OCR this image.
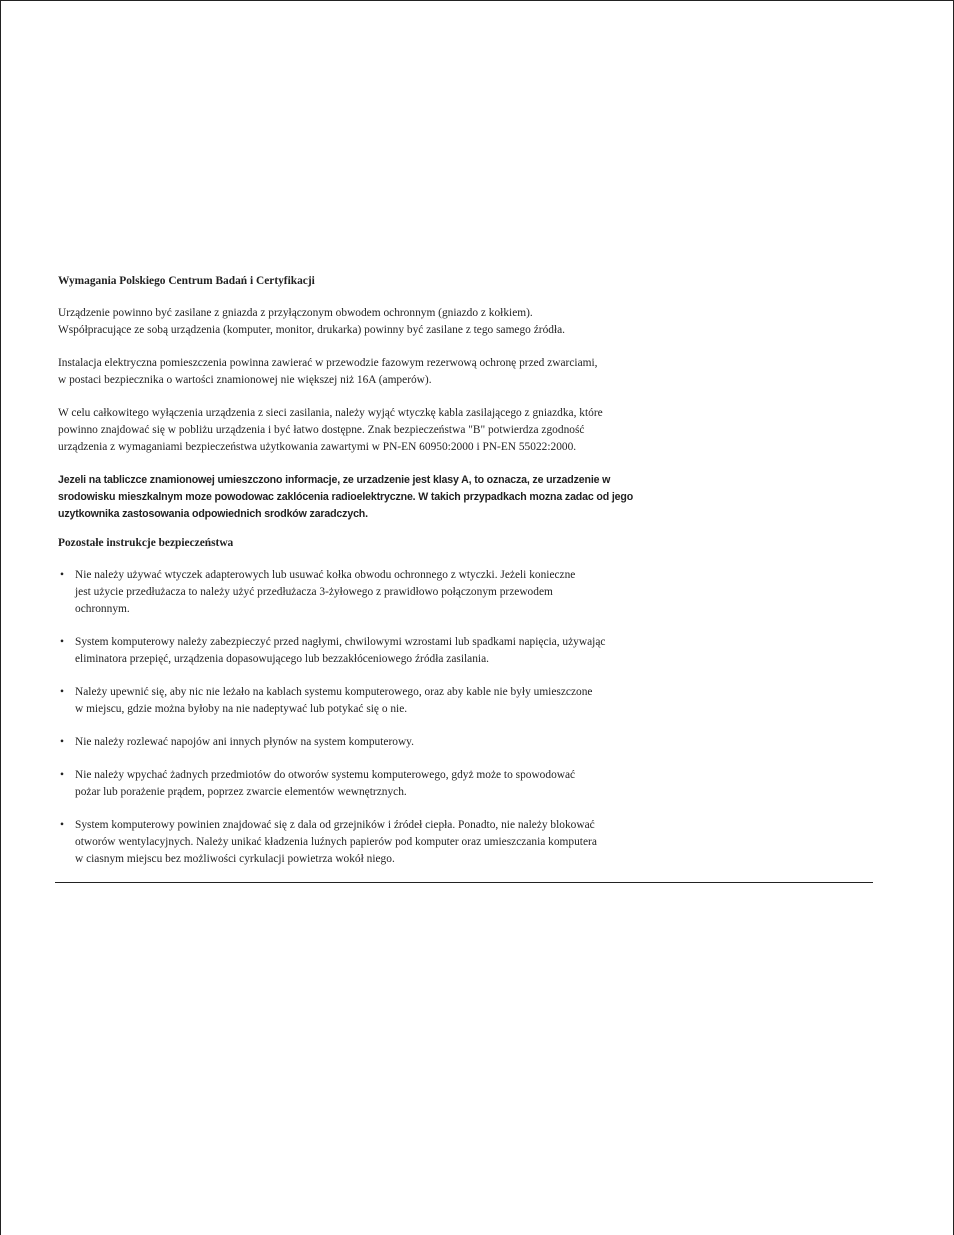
Wymagania Polskiego Centrum Badań i Certyfikacji

Urządzenie powinno być zasilane z gniazda z przyłączonym obwodem ochronnym (gniazdo z kołkiem).
Współpracujące ze sobą urządzenia (komputer, monitor, drukarka) powinny być zasilane z tego samego źródła.

Instalacja elektryczna pomieszczenia powinna zawierać w przewodzie fazowym rezerwową ochronę przed zwarciami,
w postaci bezpiecznika o wartości znamionowej nie większej niż 16A (amperów).

W celu całkowitego wyłączenia urządzenia z sieci zasilania, należy wyjąć wtyczkę kabla zasilającego z gniazdka, które
powinno znajdować się w pobliżu urządzenia i być łatwo dostępne. Znak bezpieczeństwa "B" potwierdza zgodność
urządzenia z wymaganiami bezpieczeństwa użytkowania zawartymi w PN-EN 60950:2000 i PN-EN 55022:2000.

Jezeli na tabliczce znamionowej umieszczono informacje, ze urzadzenie jest klasy A, to oznacza, ze urzadzenie w
srodowisku mieszkalnym moze powodowac zaklócenia radioelektryczne. W takich przypadkach mozna zadac od jego
uzytkownika zastosowania odpowiednich srodków zaradczych.

Pozostałe instrukcje bezpieczeństwa

• Nie należy używać wtyczek adapterowych lub usuwać kołka obwodu ochronnego z wtyczki. Jeżeli konieczne
jest użycie przedłużacza to należy użyć przedłużacza 3-żyłowego z prawidłowo połączonym przewodem
ochronnym.
• System komputerowy należy zabezpieczyć przed nagłymi, chwilowymi wzrostami lub spadkami napięcia, używając
eliminatora przepięć, urządzenia dopasowującego lub bezzakłóceniowego źródła zasilania.
• Należy upewnić się, aby nic nie leżało na kablach systemu komputerowego, oraz aby kable nie były umieszczone
w miejscu, gdzie można byłoby na nie nadeptywać lub potykać się o nie.
• Nie należy rozlewać napojów ani innych płynów na system komputerowy.
• Nie należy wpychać żadnych przedmiotów do otworów systemu komputerowego, gdyż może to spowodować
pożar lub porażenie prądem, poprzez zwarcie elementów wewnętrznych.
• System komputerowy powinien znajdować się z dala od grzejników i źródeł ciepła. Ponadto, nie należy blokować
otworów wentylacyjnych. Należy unikać kładzenia luźnych papierów pod komputer oraz umieszczania komputera
w ciasnym miejscu bez możliwości cyrkulacji powietrza wokół niego.
